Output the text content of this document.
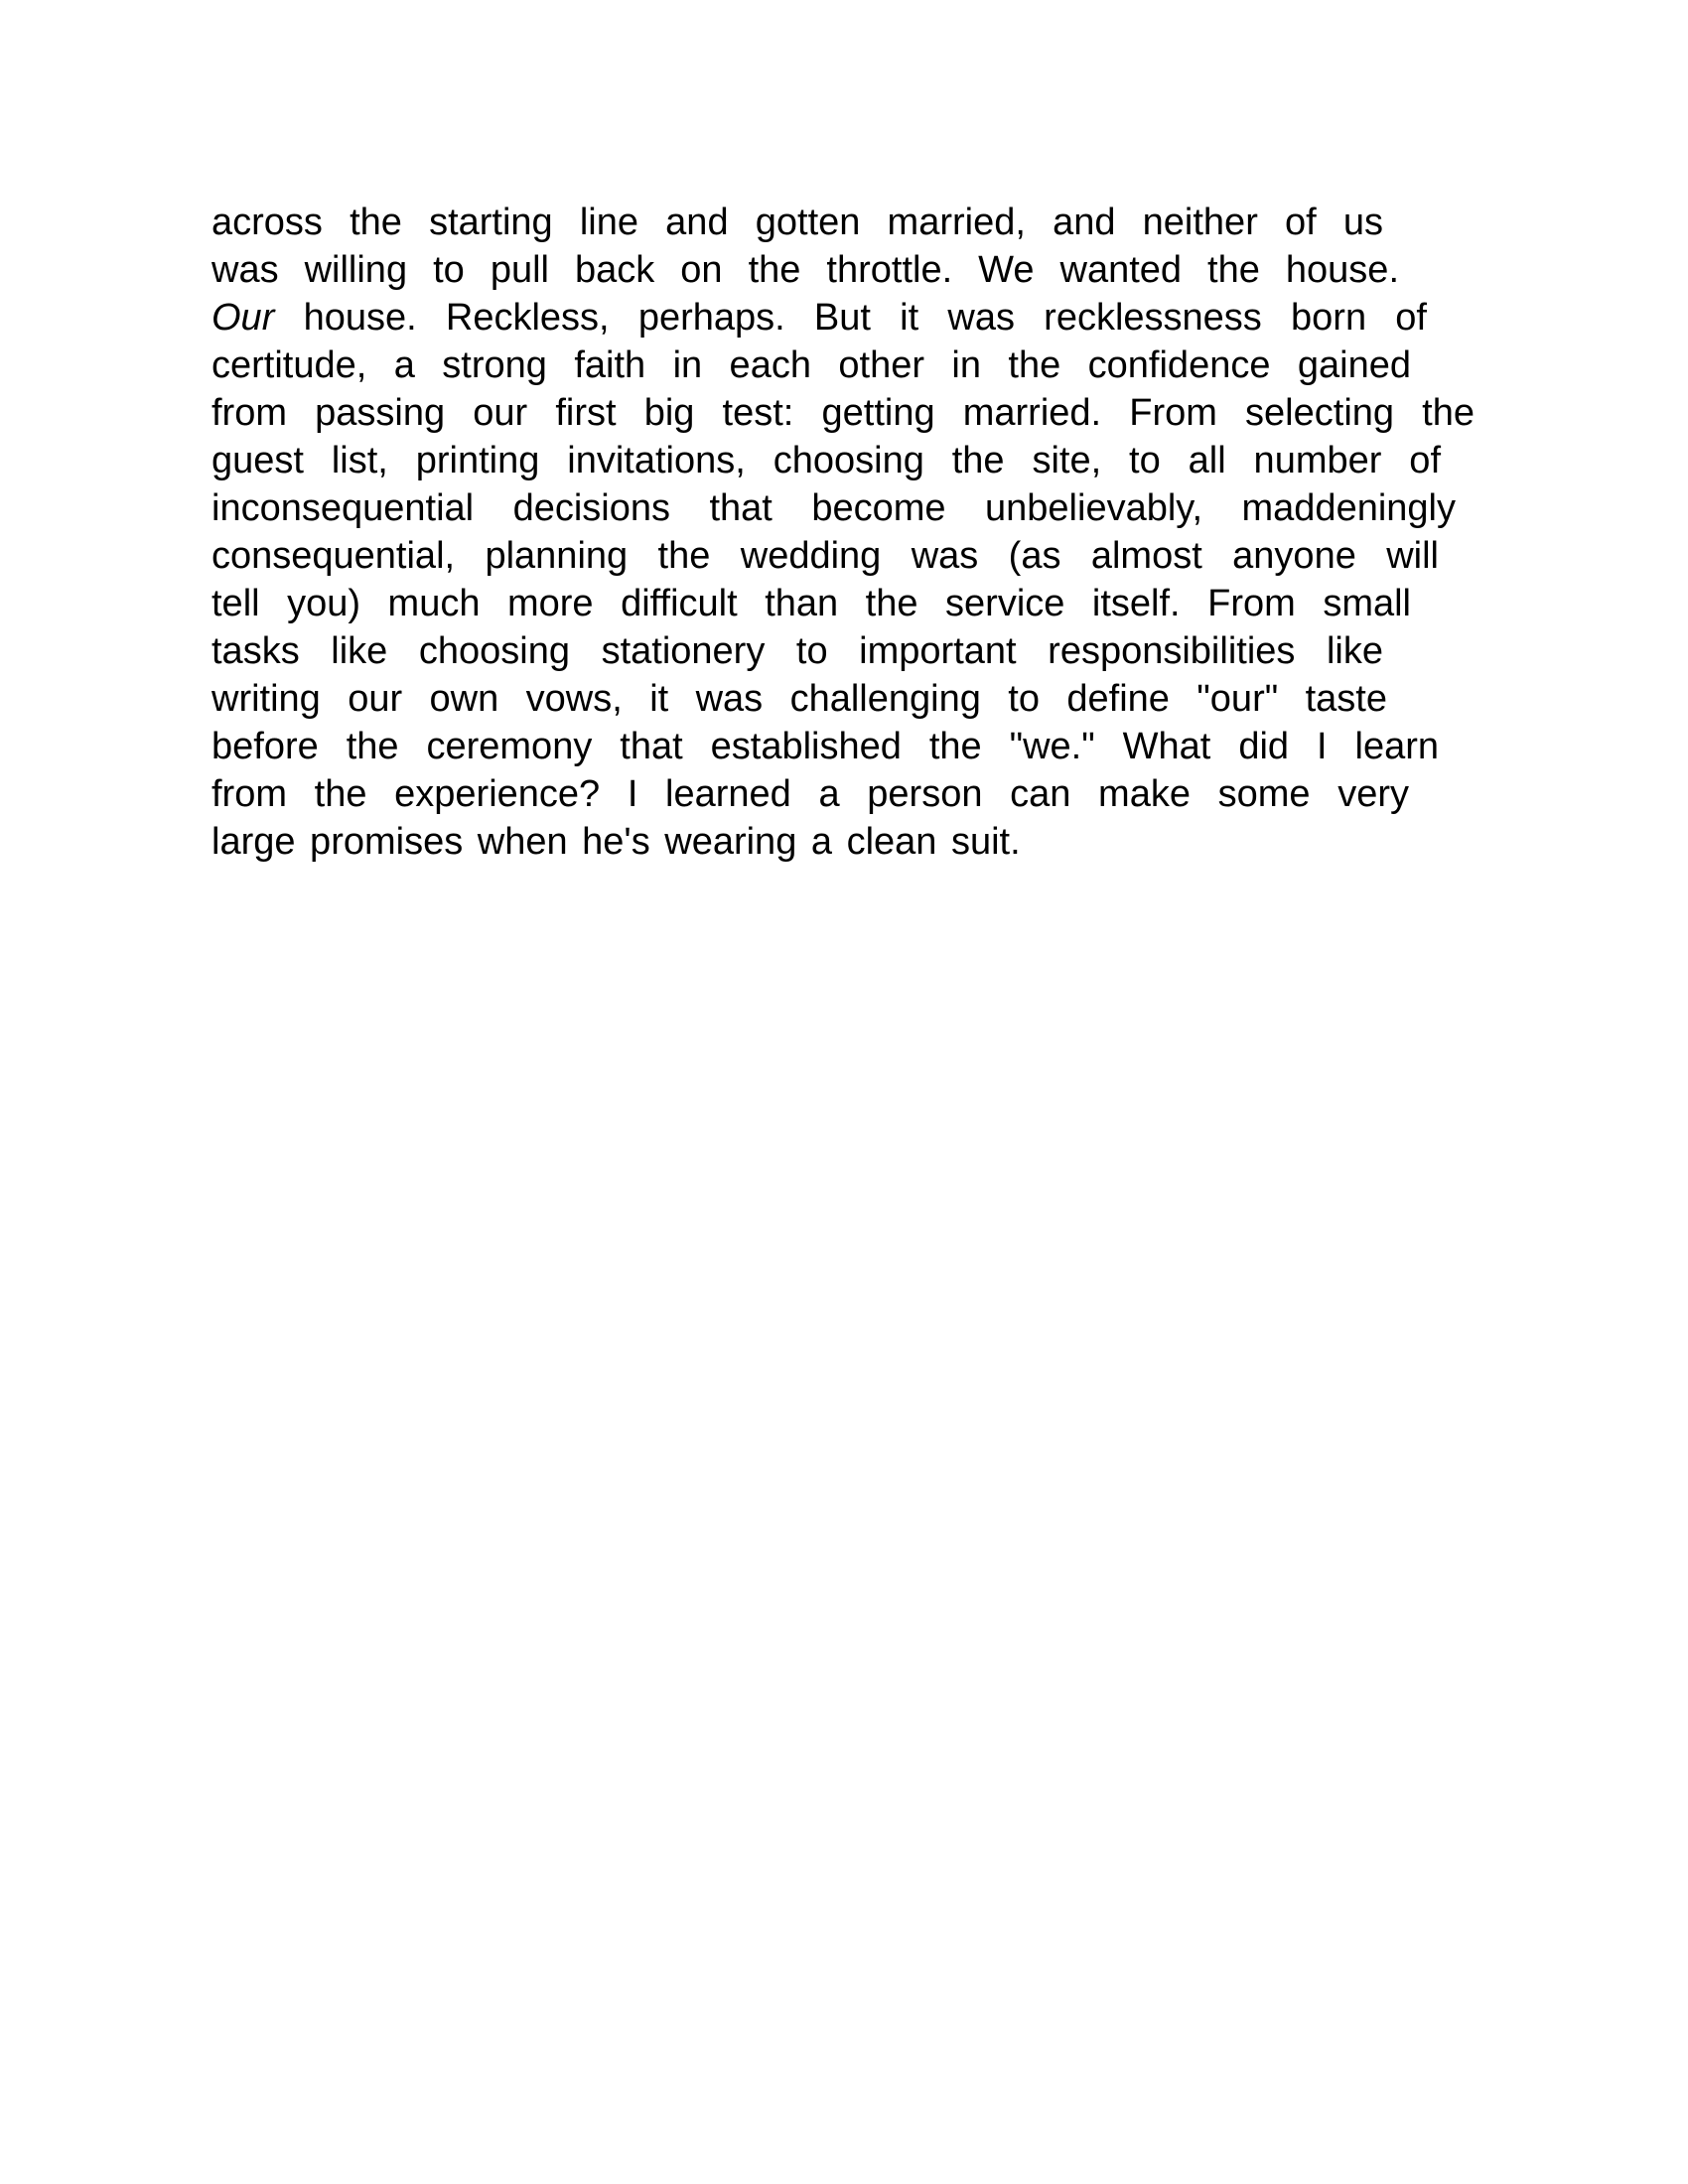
across the starting line and gotten married, and neither of us
was willing to pull back on the throttle. We wanted the house.
Our house. Reckless, perhaps. But it was recklessness born of
certitude, a strong faith in each other in the confidence gained
from passing our first big test: getting married. From selecting the
guest list, printing invitations, choosing the site, to all number of
inconsequential decisions that become unbelievably, maddeningly
consequential, planning the wedding was (as almost anyone will
tell you) much more difficult than the service itself. From small
tasks like choosing stationery to important responsibilities like
writing our own vows, it was challenging to define "our" taste
before the ceremony that established the "we." What did I learn
from the experience? I learned a person can make some very
large promises when he's wearing a clean suit.
